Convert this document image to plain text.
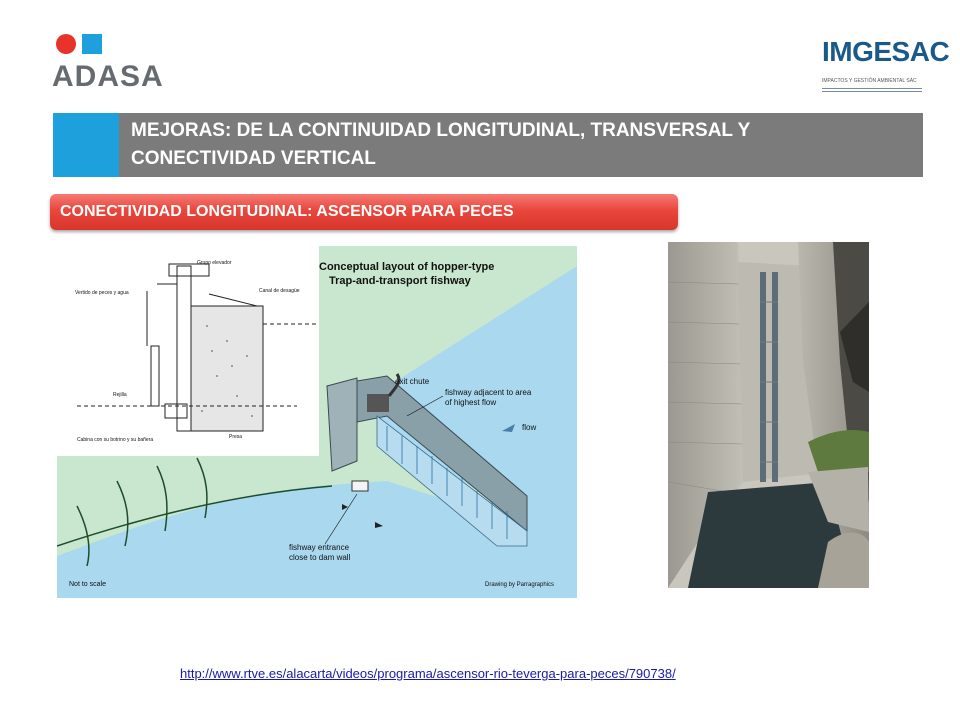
ADASA
IMGESAC
IMPACTOS Y GESTIÓN AMBIENTAL SAC
MEJORAS: DE LA CONTINUIDAD LONGITUDINAL, TRANSVERSAL Y
CONECTIVIDAD VERTICAL
CONECTIVIDAD LONGITUDINAL: ASCENSOR PARA PECES
Conceptual layout of hopper-type
Trap-and-transport fishway
exit chute
fishway adjacent to area
of highest flow
flow
fishway entrance
close to dam wall
Not to scale	Drawing by Parragraphics
Grupo elevador
Vertido de peces y agua	Canal de desagüe
Rejilla
Cabina con su botrino y su bañera	Presa
http://www.rtve.es/alacarta/videos/programa/ascensor-rio-teverga-para-peces/790738/
